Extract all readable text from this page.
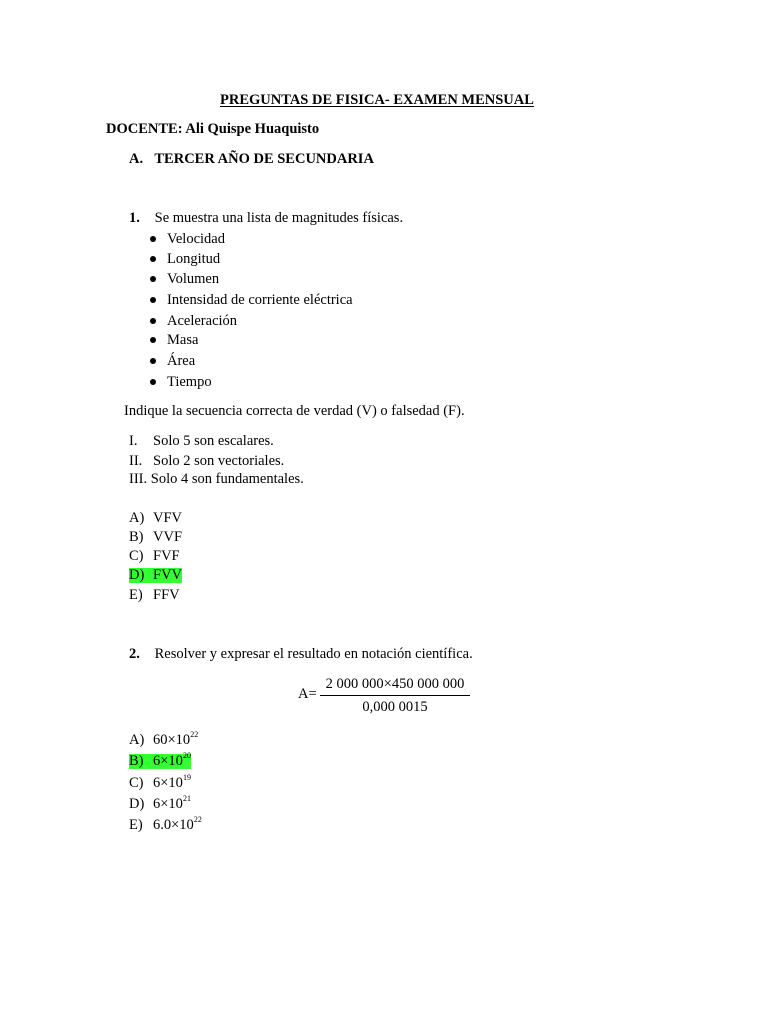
PREGUNTAS DE FISICA- EXAMEN MENSUAL
DOCENTE: Ali Quispe Huaquisto
A. TERCER AÑO DE SECUNDARIA
1. Se muestra una lista de magnitudes físicas.
Velocidad
Longitud
Volumen
Intensidad de corriente eléctrica
Aceleración
Masa
Área
Tiempo
Indique la secuencia correcta de verdad (V) o falsedad (F).
I. Solo 5 son escalares.
II. Solo 2 son vectoriales.
III. Solo 4 son fundamentales.
A) VFV
B) VVF
C) FVF
D) FVV
E) FFV
2. Resolver y expresar el resultado en notación científica.
A=
2 000 000×450 000 000
0,000 0015
A) $60\times 10^{22}$
B) $6\times 10^{20}$
C) $6\times 10^{19}$
D) $6\times 10^{21}$
E) $6.0\times 10^{22}$
